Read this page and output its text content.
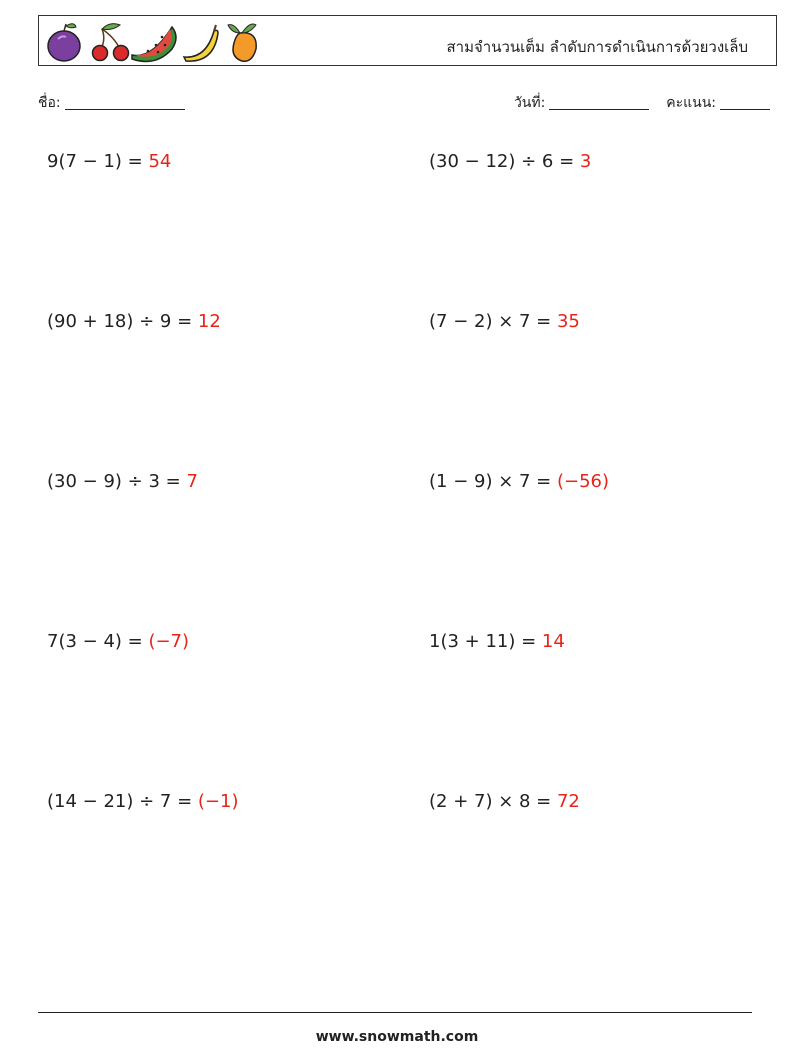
สามจำนวนเต็ม ลำดับการดำเนินการด้วยวงเล็บ
ชื่อ:	วันที่:	คะแนน:
9(7 − 1) = 54	(30 − 12) ÷ 6 = 3
(90 + 18) ÷ 9 = 12	(7 − 2) × 7 = 35
(30 − 9) ÷ 3 = 7	(1 − 9) × 7 = (−56)
7(3 − 4) = (−7)	1(3 + 11) = 14
(14 − 21) ÷ 7 = (−1)	(2 + 7) × 8 = 72
www.snowmath.com
